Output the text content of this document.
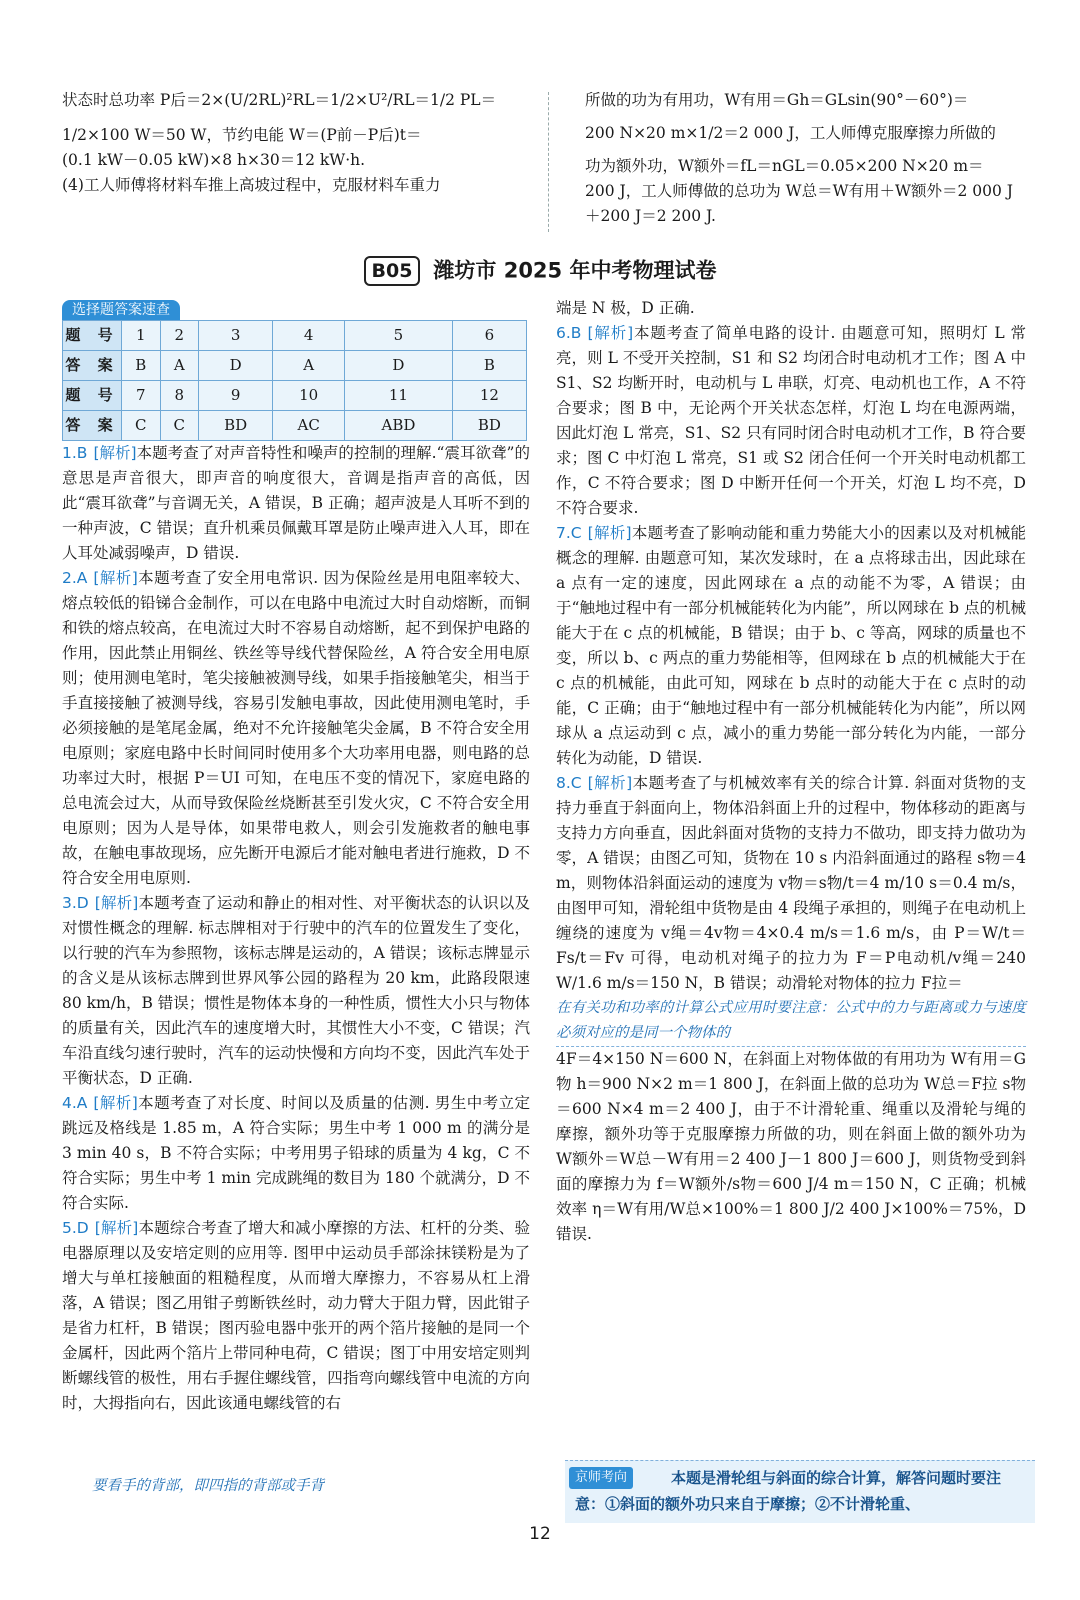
状态时总功率 P后＝2×(U/2RL)²RL＝1/2×U²/RL＝1/2 PL＝

1/2×100 W＝50 W，节约电能 W＝(P前－P后)t＝

(0.1 kW－0.05 kW)×8 h×30＝12 kW·h.

(4)工人师傅将材料车推上高坡过程中，克服材料车重力

所做的功为有用功，W有用＝Gh＝GLsin(90°－60°)＝

200 N×20 m×1/2＝2 000 J，工人师傅克服摩擦力所做的

功为额外功，W额外＝fL＝nGL＝0.05×200 N×20 m＝

200 J，工人师傅做的总功为 W总＝W有用＋W额外＝2 000 J

＋200 J＝2 200 J.

B05 潍坊市 2025 年中考物理试卷
选择题答案速查
题 号	1	2	3	4	5	6
答 案	B	A	D	A	D	B
题 号	7	8	9	10	11	12
答 案	C	C	BD	AC	ABD	BD

1.B [解析]本题考查了对声音特性和噪声的控制的理解.“震耳欲聋”的意思是声音很大，即声音的响度很大，音调是指声音的高低，因此“震耳欲聋”与音调无关，A 错误，B 正确；超声波是人耳听不到的一种声波，C 错误；直升机乘员佩戴耳罩是防止噪声进入人耳，即在人耳处减弱噪声，D 错误.

2.A [解析]本题考查了安全用电常识. 因为保险丝是用电阻率较大、熔点较低的铅锑合金制作，可以在电路中电流过大时自动熔断，而铜和铁的熔点较高，在电流过大时不容易自动熔断，起不到保护电路的作用，因此禁止用铜丝、铁丝等导线代替保险丝，A 符合安全用电原则；使用测电笔时，笔尖接触被测导线，如果手指接触笔尖，相当于手直接接触了被测导线，容易引发触电事故，因此使用测电笔时，手必须接触的是笔尾金属，绝对不允许接触笔尖金属，B 不符合安全用电原则；家庭电路中长时间同时使用多个大功率用电器，则电路的总功率过大时，根据 P＝UI 可知，在电压不变的情况下，家庭电路的总电流会过大，从而导致保险丝烧断甚至引发火灾，C 不符合安全用电原则；因为人是导体，如果带电救人，则会引发施救者的触电事故，在触电事故现场，应先断开电源后才能对触电者进行施救，D 不符合安全用电原则.

3.D [解析]本题考查了运动和静止的相对性、对平衡状态的认识以及对惯性概念的理解. 标志牌相对于行驶中的汽车的位置发生了变化，以行驶的汽车为参照物，该标志牌是运动的，A 错误；该标志牌显示的含义是从该标志牌到世界风筝公园的路程为 20 km，此路段限速 80 km/h，B 错误；惯性是物体本身的一种性质，惯性大小只与物体的质量有关，因此汽车的速度增大时，其惯性大小不变，C 错误；汽车沿直线匀速行驶时，汽车的运动快慢和方向均不变，因此汽车处于平衡状态，D 正确.

4.A [解析]本题考查了对长度、时间以及质量的估测. 男生中考立定跳远及格线是 1.85 m，A 符合实际；男生中考 1 000 m 的满分是 3 min 40 s，B 不符合实际；中考用男子铅球的质量为 4 kg，C 不符合实际；男生中考 1 min 完成跳绳的数目为 180 个就满分，D 不符合实际.

5.D [解析]本题综合考查了增大和减小摩擦的方法、杠杆的分类、验电器原理以及安培定则的应用等. 图甲中运动员手部涂抹镁粉是为了增大与单杠接触面的粗糙程度，从而增大摩擦力，不容易从杠上滑落，A 错误；图乙用钳子剪断铁丝时，动力臂大于阻力臂，因此钳子是省力杠杆，B 错误；图丙验电器中张开的两个箔片接触的是同一个金属杆，因此两个箔片上带同种电荷，C 错误；图丁中用安培定则判断螺线管的极性，用右手握住螺线管，四指弯向螺线管中电流的方向时，大拇指向右，因此该通电螺线管的右

要看手的背部，即四指的背部或手背

端是 N 极，D 正确.

6.B [解析]本题考查了简单电路的设计. 由题意可知，照明灯 L 常亮，则 L 不受开关控制，S1 和 S2 均闭合时电动机才工作；图 A 中 S1、S2 均断开时，电动机与 L 串联，灯亮、电动机也工作，A 不符合要求；图 B 中，无论两个开关状态怎样，灯泡 L 均在电源两端，因此灯泡 L 常亮，S1、S2 只有同时闭合时电动机才工作，B 符合要求；图 C 中灯泡 L 常亮，S1 或 S2 闭合任何一个开关时电动机都工作，C 不符合要求；图 D 中断开任何一个开关，灯泡 L 均不亮，D 不符合要求.

7.C [解析]本题考查了影响动能和重力势能大小的因素以及对机械能概念的理解. 由题意可知，某次发球时，在 a 点将球击出，因此球在 a 点有一定的速度，因此网球在 a 点的动能不为零，A 错误；由于“触地过程中有一部分机械能转化为内能”，所以网球在 b 点的机械能大于在 c 点的机械能，B 错误；由于 b、c 等高，网球的质量也不变，所以 b、c 两点的重力势能相等，但网球在 b 点的机械能大于在 c 点的机械能，由此可知，网球在 b 点时的动能大于在 c 点时的动能，C 正确；由于“触地过程中有一部分机械能转化为内能”，所以网球从 a 点运动到 c 点，减小的重力势能一部分转化为内能，一部分转化为动能，D 错误.

8.C [解析]本题考查了与机械效率有关的综合计算. 斜面对货物的支持力垂直于斜面向上，物体沿斜面上升的过程中，物体移动的距离与支持力方向垂直，因此斜面对货物的支持力不做功，即支持力做功为零，A 错误；由图乙可知，货物在 10 s 内沿斜面通过的路程 s物＝4 m，则物体沿斜面运动的速度为 v物＝s物/t＝4 m/10 s＝0.4 m/s，由图甲可知，滑轮组中货物是由 4 段绳子承担的，则绳子在电动机上缠绕的速度为 v绳＝4v物＝4×0.4 m/s＝1.6 m/s，由 P＝W/t＝Fs/t＝Fv 可得，电动机对绳子的拉力为 F＝P电动机/v绳＝240 W/1.6 m/s＝150 N，B 错误；动滑轮对物体的拉力 F拉＝

在有关功和功率的计算公式应用时要注意：公式中的力与距离或力与速度必须对应的是同一个物体的

4F＝4×150 N＝600 N，在斜面上对物体做的有用功为 W有用＝G物 h＝900 N×2 m＝1 800 J，在斜面上做的总功为 W总＝F拉 s物＝600 N×4 m＝2 400 J，由于不计滑轮重、绳重以及滑轮与绳的摩擦，额外功等于克服摩擦力所做的功，则在斜面上做的额外功为 W额外＝W总－W有用＝2 400 J－1 800 J＝600 J，则货物受到斜面的摩擦力为 f＝W额外/s物＝600 J/4 m＝150 N，C 正确；机械效率 η＝W有用/W总×100%＝1 800 J/2 400 J×100%＝75%，D 错误.

本题是滑轮组与斜面的综合计算，解答问题时要注意：①斜面的额外功只来自于摩擦；②不计滑轮重、
京师考向
12
